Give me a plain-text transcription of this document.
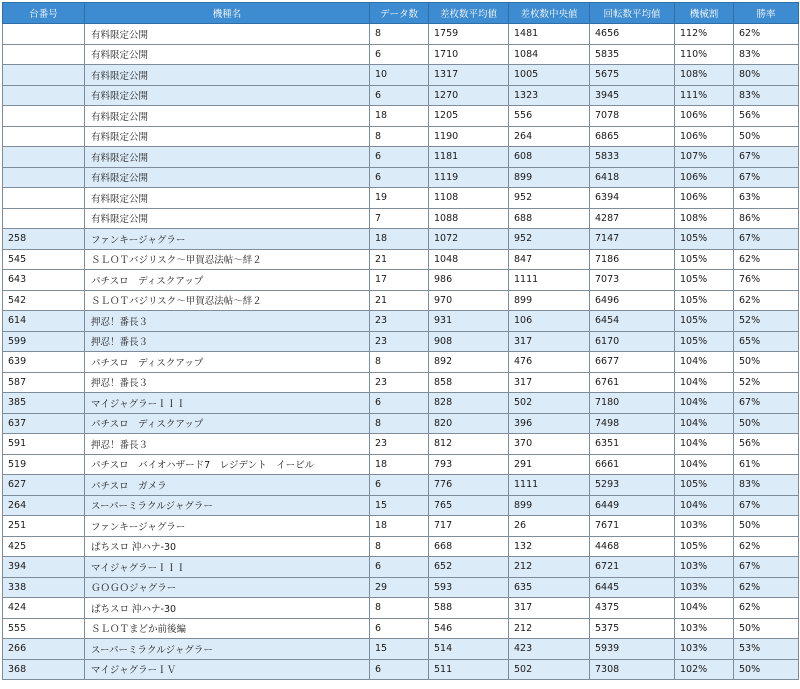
台番号	機種名	データ数	差枚数平均値	差枚数中央値	回転数平均値	機械割	勝率
	有料限定公開	8	1759	1481	4656	112%	62%
	有料限定公開	6	1710	1084	5835	110%	83%
	有料限定公開	10	1317	1005	5675	108%	80%
	有料限定公開	6	1270	1323	3945	111%	83%
	有料限定公開	18	1205	556	7078	106%	56%
	有料限定公開	8	1190	264	6865	106%	50%
	有料限定公開	6	1181	608	5833	107%	67%
	有料限定公開	6	1119	899	6418	106%	67%
	有料限定公開	19	1108	952	6394	106%	63%
	有料限定公開	7	1088	688	4287	108%	86%
258	ファンキージャグラー	18	1072	952	7147	105%	67%
545	ＳＬＯＴバジリスク～甲賀忍法帖～絆２	21	1048	847	7186	105%	62%
643	パチスロ　ディスクアップ	17	986	1111	7073	105%	76%
542	ＳＬＯＴバジリスク～甲賀忍法帖～絆２	21	970	899	6496	105%	62%
614	押忍！番長３	23	931	106	6454	105%	52%
599	押忍！番長３	23	908	317	6170	105%	65%
639	パチスロ　ディスクアップ	8	892	476	6677	104%	50%
587	押忍！番長３	23	858	317	6761	104%	52%
385	マイジャグラーＩＩＩ	6	828	502	7180	104%	67%
637	パチスロ　ディスクアップ	8	820	396	7498	104%	50%
591	押忍！番長３	23	812	370	6351	104%	56%
519	パチスロ　バイオハザード7　レジデント　イービル	18	793	291	6661	104%	61%
627	パチスロ　ガメラ	6	776	1111	5293	105%	83%
264	スーパーミラクルジャグラー	15	765	899	6449	104%	67%
251	ファンキージャグラー	18	717	26	7671	103%	50%
425	ぱちスロ 沖ハナ-30	8	668	132	4468	105%	62%
394	マイジャグラーＩＩＩ	6	652	212	6721	103%	67%
338	ＧＯＧＯジャグラー	29	593	635	6445	103%	62%
424	ぱちスロ 沖ハナ-30	8	588	317	4375	104%	62%
555	ＳＬＯＴまどか前後編	6	546	212	5375	103%	50%
266	スーパーミラクルジャグラー	15	514	423	5939	103%	53%
368	マイジャグラーＩＶ	6	511	502	7308	102%	50%
